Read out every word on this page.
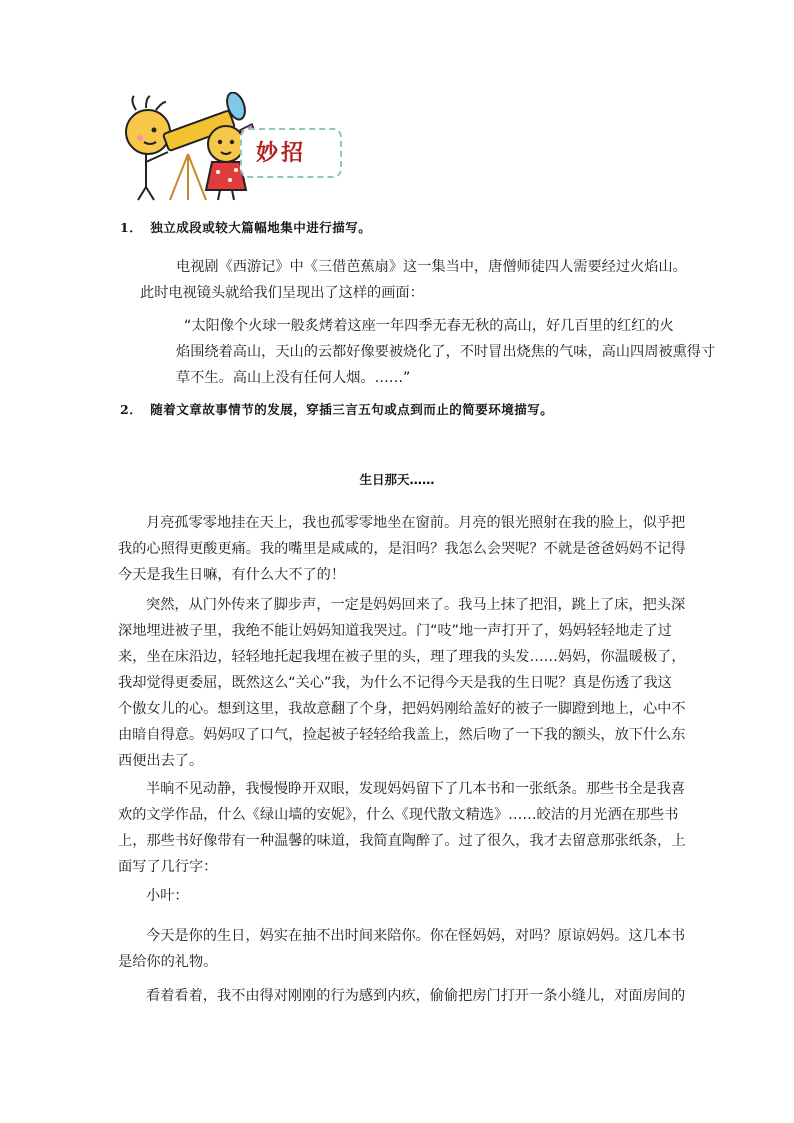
妙招
1． 独立成段或较大篇幅地集中进行描写。
电视剧《西游记》中《三借芭蕉扇》这一集当中，唐僧师徒四人需要经过火焰山。
此时电视镜头就给我们呈现出了这样的画面：
“太阳像个火球一般炙烤着这座一年四季无春无秋的高山，好几百里的红红的火
焰围绕着高山，天山的云都好像要被烧化了，不时冒出烧焦的气味，高山四周被熏得寸
草不生。高山上没有任何人烟。……”
2． 随着文章故事情节的发展，穿插三言五句或点到而止的简要环境描写。
生日那天……
月亮孤零零地挂在天上，我也孤零零地坐在窗前。月亮的银光照射在我的脸上，似乎把
我的心照得更酸更痛。我的嘴里是咸咸的，是泪吗？我怎么会哭呢？不就是爸爸妈妈不记得
今天是我生日嘛，有什么大不了的！
突然，从门外传来了脚步声，一定是妈妈回来了。我马上抹了把泪，跳上了床，把头深
深地埋进被子里，我绝不能让妈妈知道我哭过。门“吱”地一声打开了，妈妈轻轻地走了过
来，坐在床沿边，轻轻地托起我埋在被子里的头，理了理我的头发……妈妈，你温暖极了，
我却觉得更委屈，既然这么“关心”我，为什么不记得今天是我的生日呢？真是伤透了我这
个傲女儿的心。想到这里，我故意翻了个身，把妈妈刚给盖好的被子一脚蹬到地上，心中不
由暗自得意。妈妈叹了口气，捡起被子轻轻给我盖上，然后吻了一下我的额头，放下什么东
西便出去了。
半晌不见动静，我慢慢睁开双眼，发现妈妈留下了几本书和一张纸条。那些书全是我喜
欢的文学作品，什么《绿山墙的安妮》，什么《现代散文精选》……皎洁的月光洒在那些书
上，那些书好像带有一种温馨的味道，我简直陶醉了。过了很久，我才去留意那张纸条，上
面写了几行字：
小叶：
今天是你的生日，妈实在抽不出时间来陪你。你在怪妈妈，对吗？原谅妈妈。这几本书
是给你的礼物。
看着看着，我不由得对刚刚的行为感到内疚，偷偷把房门打开一条小缝儿，对面房间的
